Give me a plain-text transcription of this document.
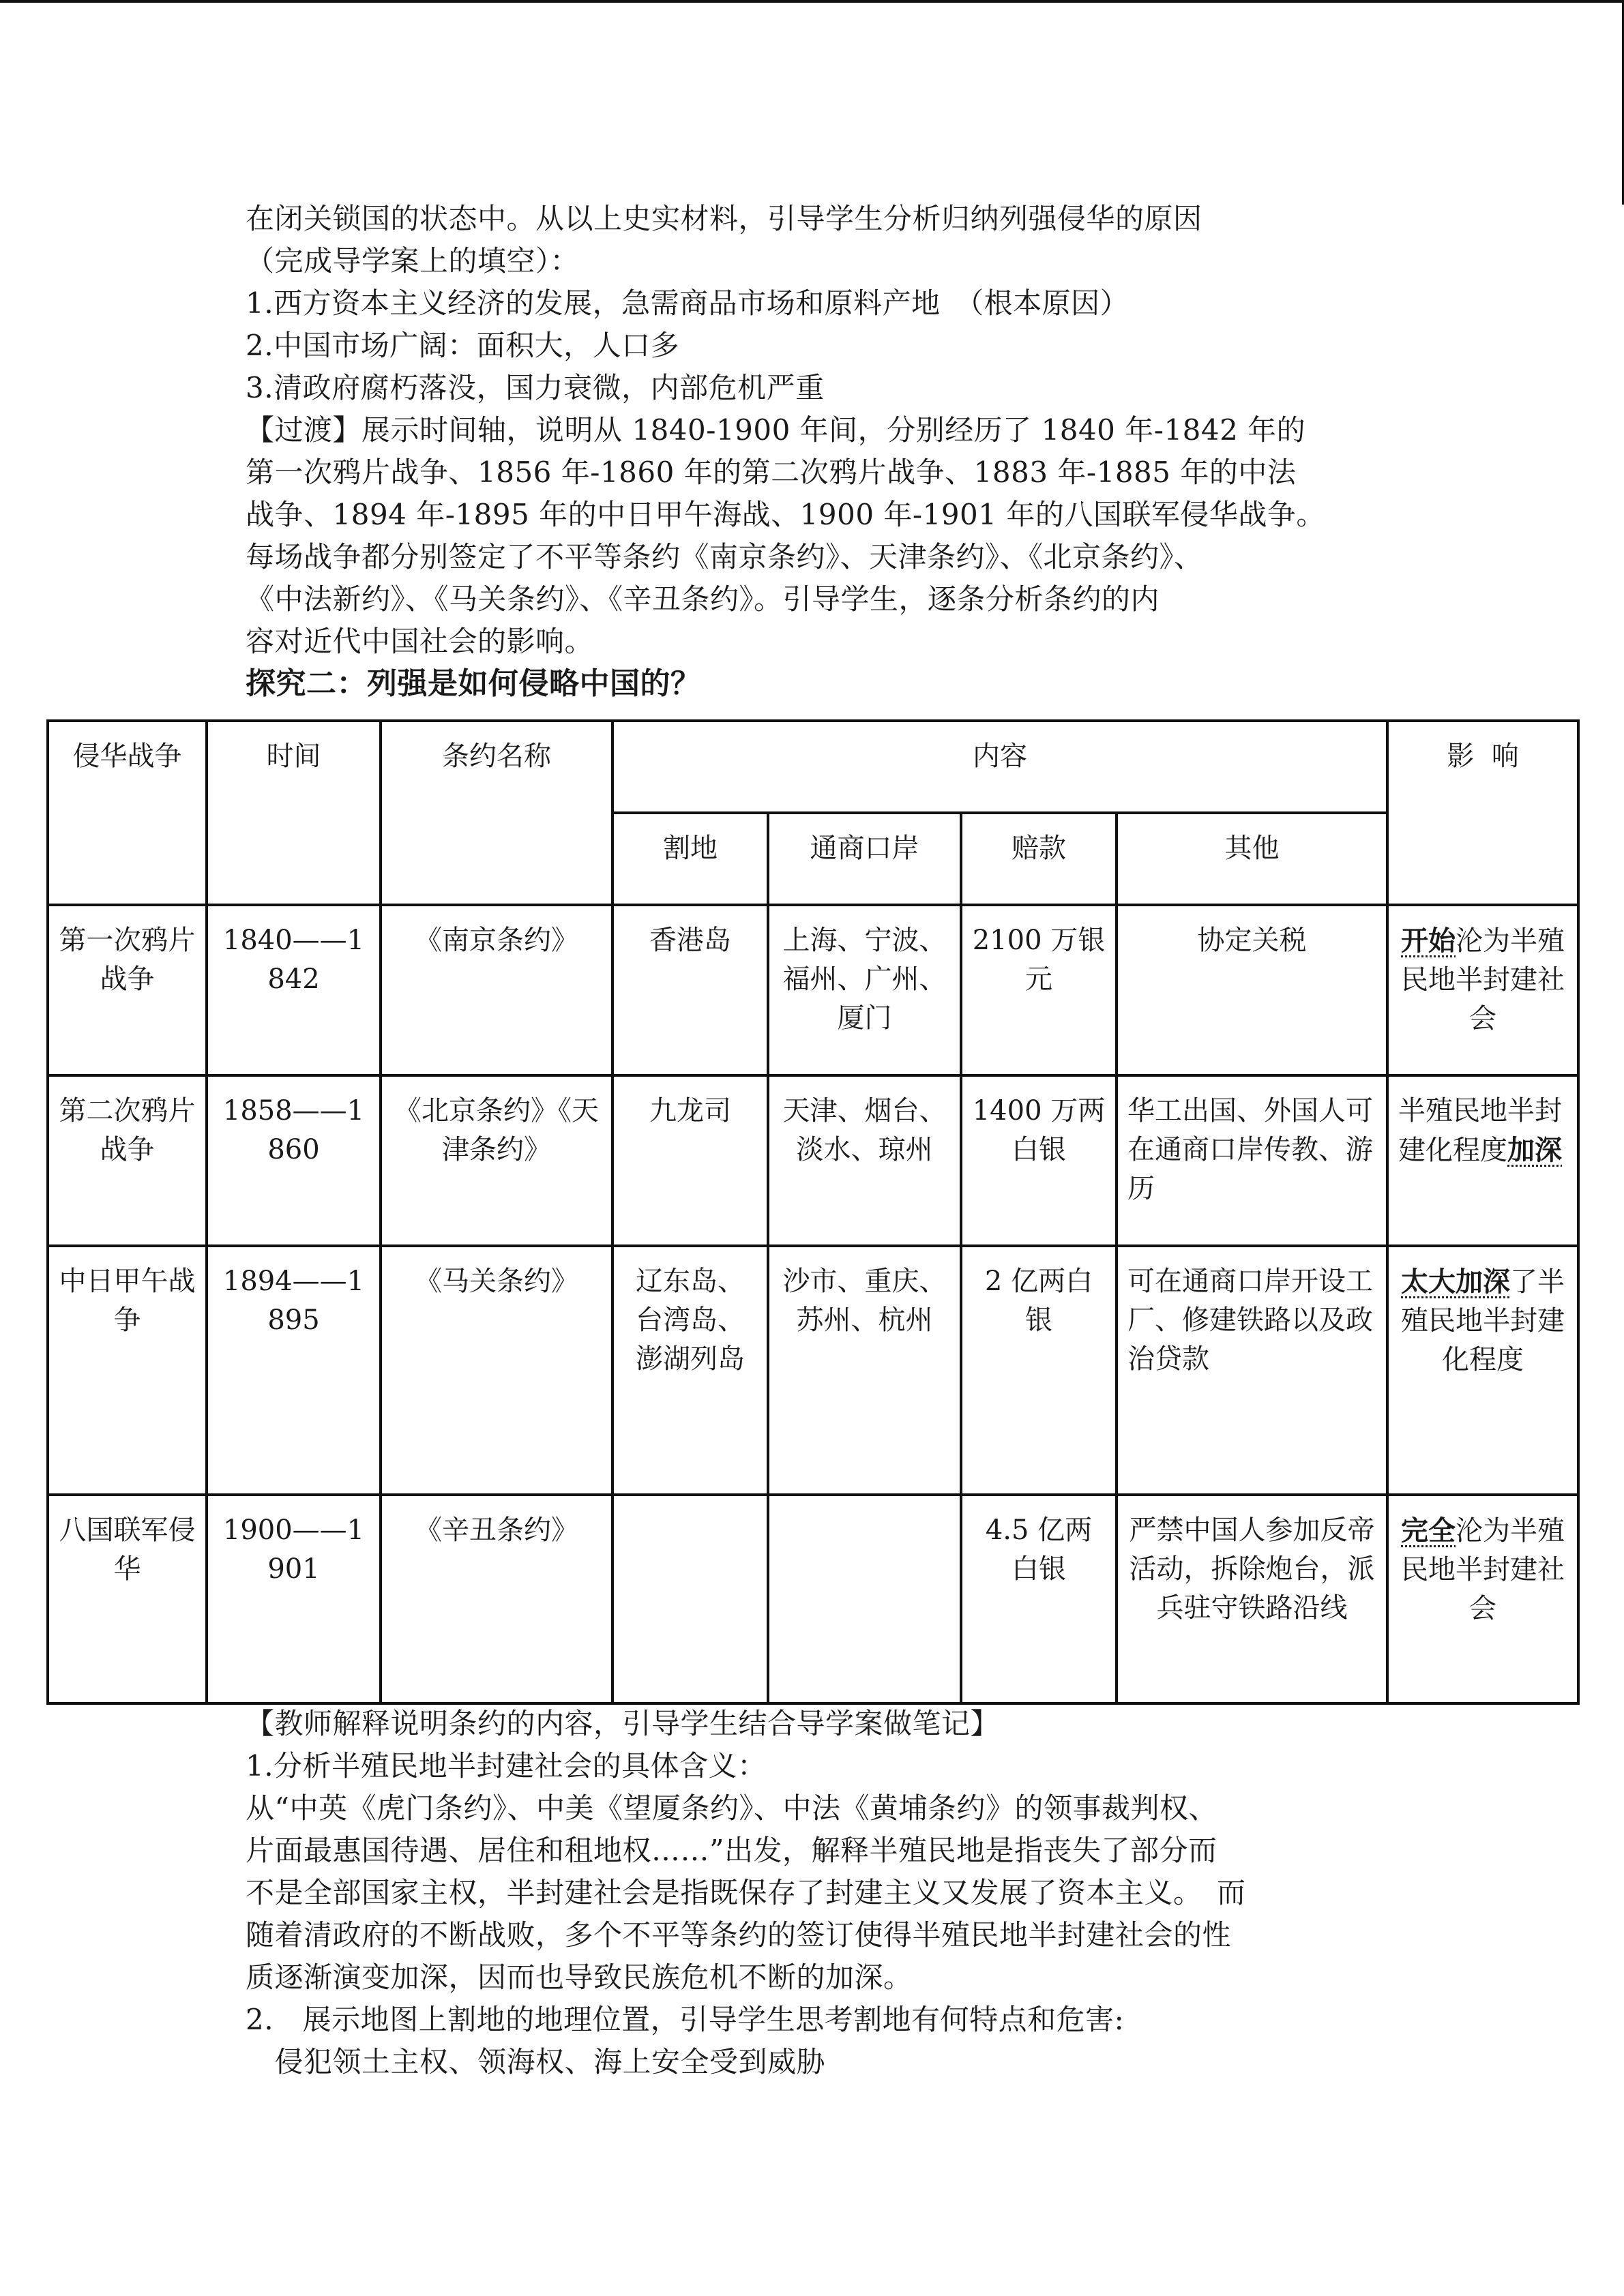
在闭关锁国的状态中。从以上史实材料，引导学生分析归纳列强侵华的原因
（完成导学案上的填空）：
1.西方资本主义经济的发展，急需商品市场和原料产地　（根本原因）
2.中国市场广阔：面积大，人口多
3.清政府腐朽落没，国力衰微，内部危机严重
【过渡】展示时间轴，说明从 1840-1900 年间，分别经历了 1840 年-1842 年的
第一次鸦片战争、1856 年-1860 年的第二次鸦片战争、1883 年-1885 年的中法
战争、1894 年-1895 年的中日甲午海战、1900 年-1901 年的八国联军侵华战争。
每场战争都分别签定了不平等条约《南京条约》、天津条约》、《北京条约》、
《中法新约》、《马关条约》、《辛丑条约》。引导学生，逐条分析条约的内
容对近代中国社会的影响。
探究二：列强是如何侵略中国的？
侵华战争	时间	条约名称	内容				影  响
			割地	通商口岸	赔款	其他	
第一次鸦片战争	1840——1842	《南京条约》	香港岛	上海、宁波、福州、广州、厦门	2100 万银元	协定关税	开始沦为半殖民地半封建社会
第二次鸦片战争	1858——1860	《北京条约》《天津条约》	九龙司	天津、烟台、淡水、琼州	1400 万两白银	华工出国、外国人可在通商口岸传教、游历	半殖民地半封建化程度加深
中日甲午战争	1894——1895	《马关条约》	辽东岛、台湾岛、澎湖列岛	沙市、重庆、苏州、杭州	2 亿两白银	可在通商口岸开设工厂、修建铁路以及政治贷款	太大加深了半殖民地半封建化程度
八国联军侵华	1900——1901	《辛丑条约》			4.5 亿两白银	严禁中国人参加反帝活动，拆除炮台，派兵驻守铁路沿线	完全沦为半殖民地半封建社会
【教师解释说明条约的内容，引导学生结合导学案做笔记】
1.分析半殖民地半封建社会的具体含义：
从“中英《虎门条约》、中美《望厦条约》、中法《黄埔条约》的领事裁判权、
片面最惠国待遇、居住和租地权……”出发，解释半殖民地是指丧失了部分而
不是全部国家主权，半封建社会是指既保存了封建主义又发展了资本主义。　而
随着清政府的不断战败，多个不平等条约的签订使得半殖民地半封建社会的性
质逐渐演变加深，因而也导致民族危机不断的加深。
2.　展示地图上割地的地理位置，引导学生思考割地有何特点和危害:
　侵犯领土主权、领海权、海上安全受到威胁
